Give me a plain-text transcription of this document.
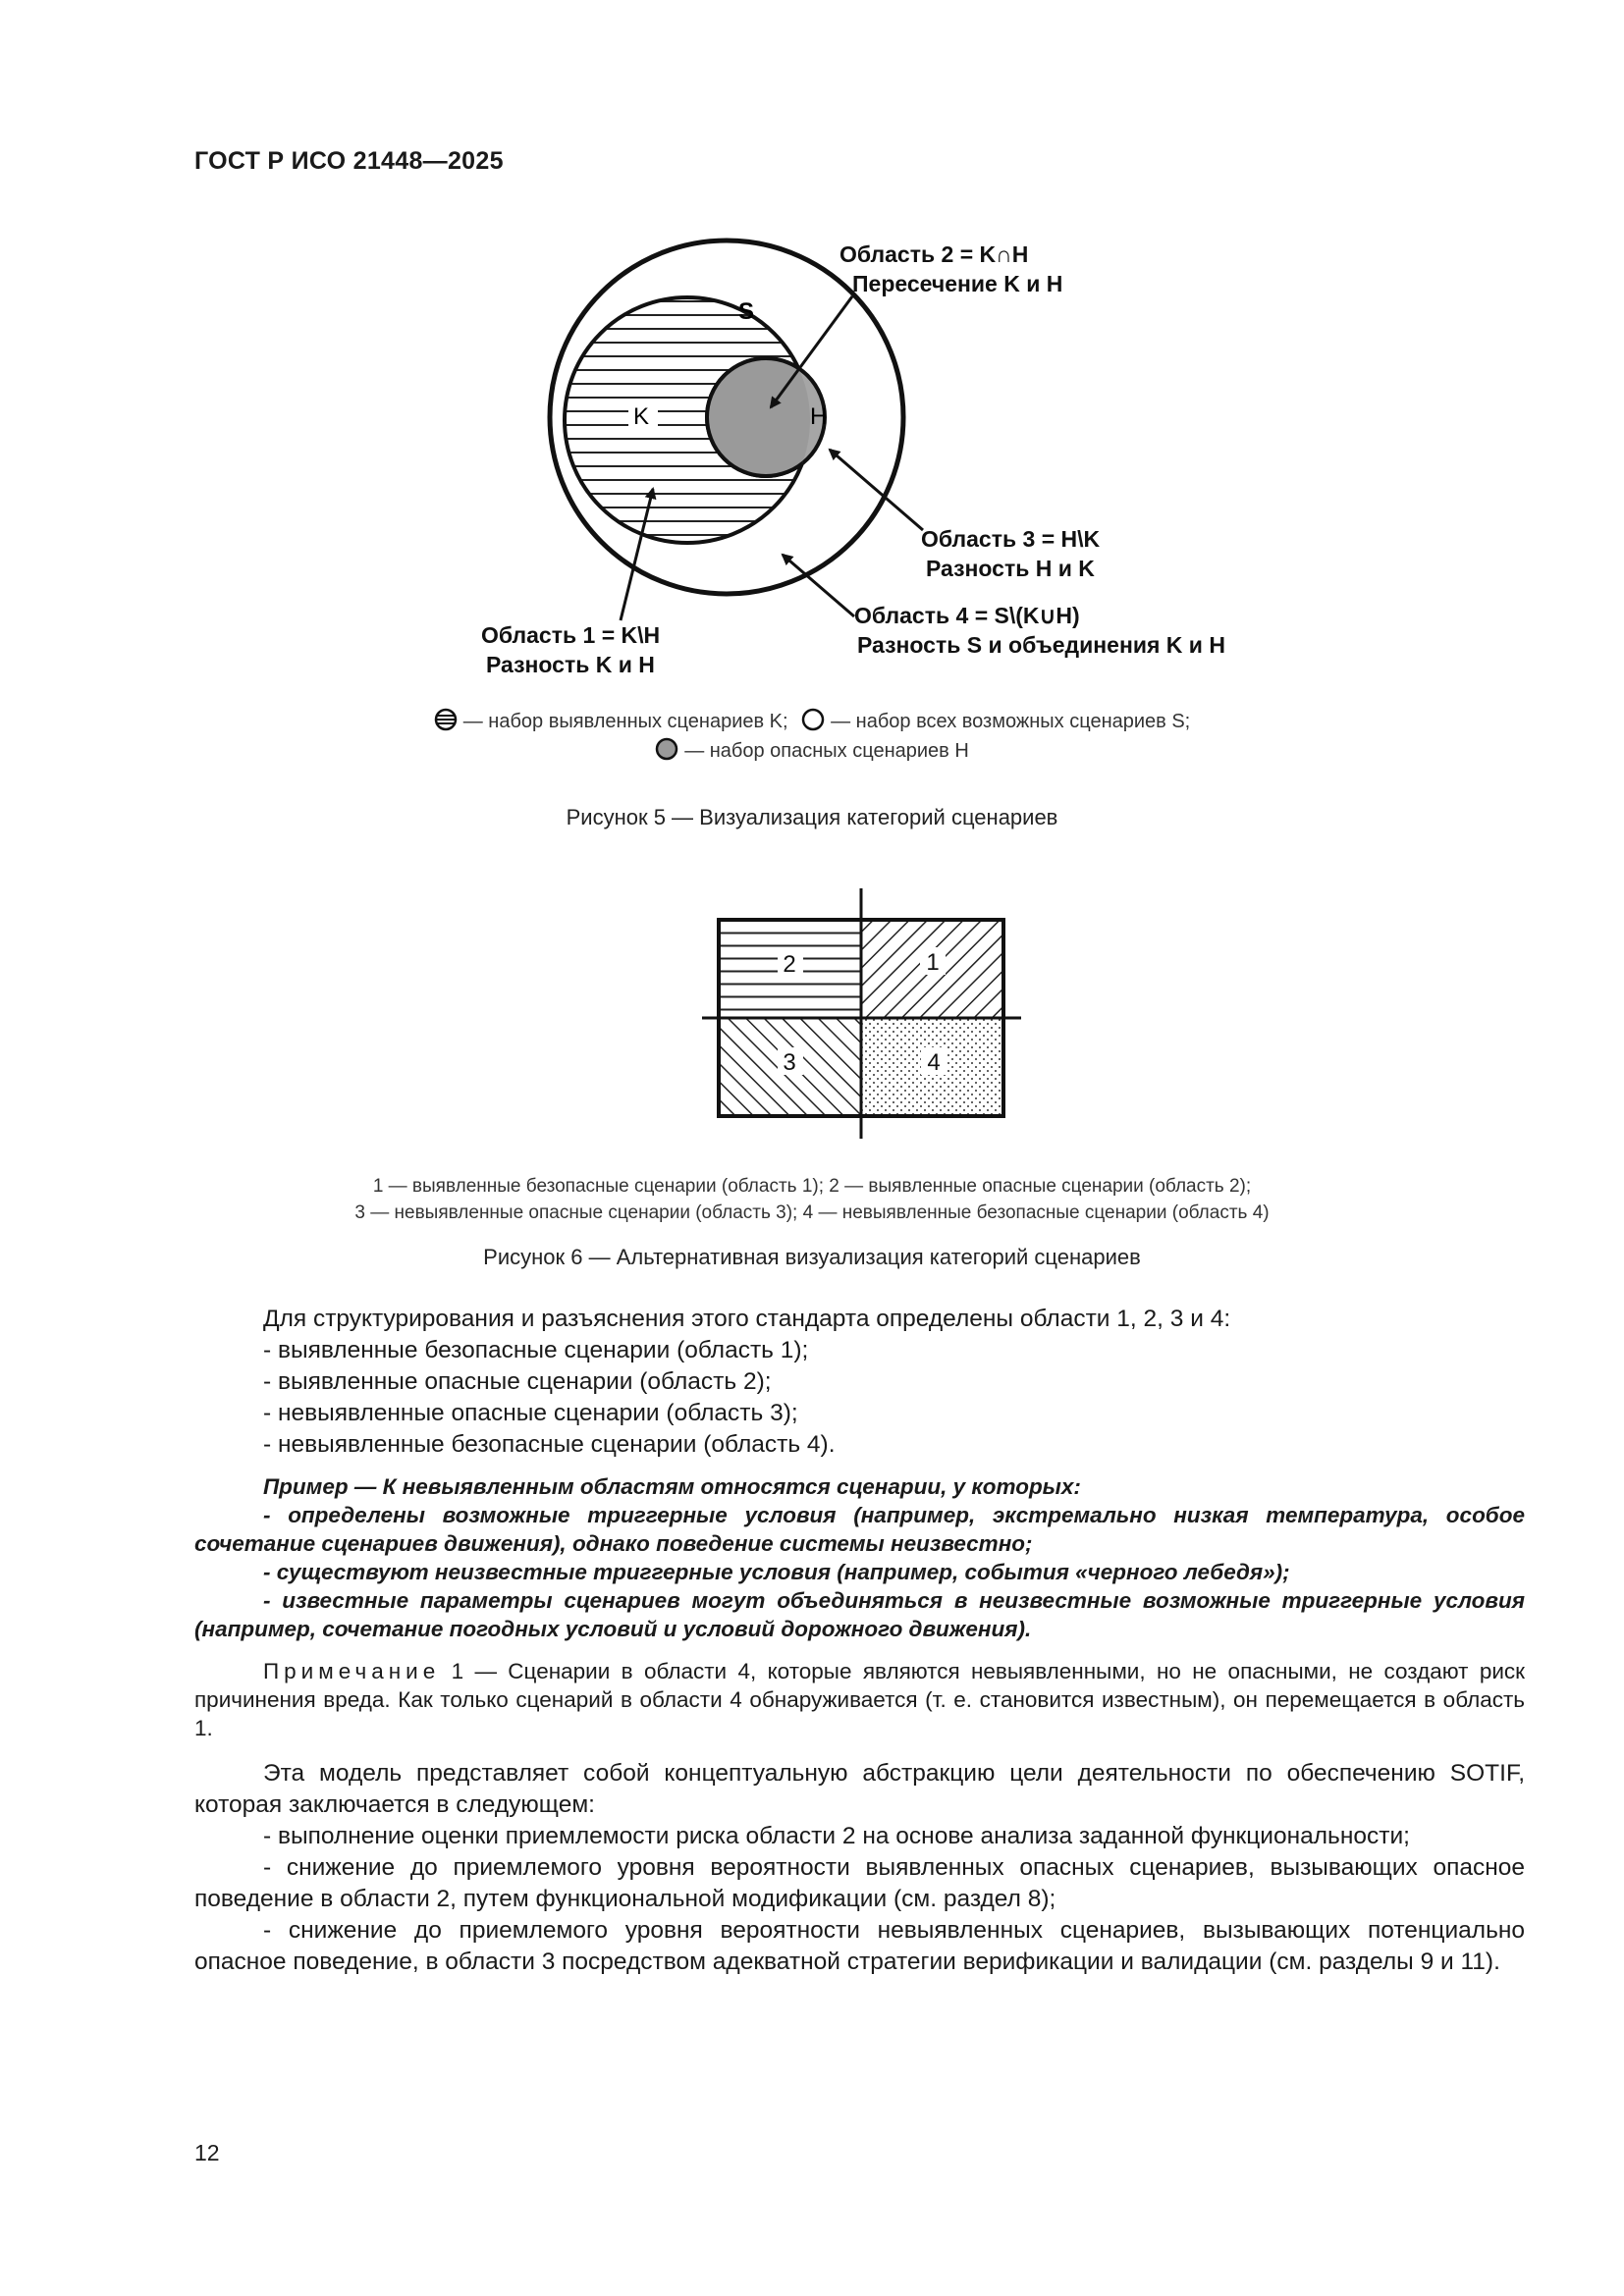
ГОСТ Р ИСО 21448—2025
S
K	H
Область 2 = K∩H
Пересечение K и H
Область 3 = H\K
Разность H и K
Область 4 = S\(K∪H)
Разность S и объединения K и H
Область 1 = K\H
Разность K и H
— набор выявленных сценариев K; — набор всех возможных сценариев S;
— набор опасных сценариев H
Рисунок 5 — Визуализация категорий сценариев
2	1
3	4
1 — выявленные безопасные сценарии (область 1); 2 — выявленные опасные сценарии (область 2);
3 — невыявленные опасные сценарии (область 3); 4 — невыявленные безопасные сценарии (область 4)
Рисунок 6 — Альтернативная визуализация категорий сценариев

Для структурирования и разъяснения этого стандарта определены области 1, 2, 3 и 4:

- выявленные безопасные сценарии (область 1);

- выявленные опасные сценарии (область 2);

- невыявленные опасные сценарии (область 3);

- невыявленные безопасные сценарии (область 4).

Пример — К невыявленным областям относятся сценарии, у которых:

- определены возможные триггерные условия (например, экстремально низкая температура, особое сочетание сценариев движения), однако поведение системы неизвестно;

- существуют неизвестные триггерные условия (например, события «черного лебедя»);

- известные параметры сценариев могут объединяться в неизвестные возможные триггерные условия (например, сочетание погодных условий и условий дорожного движения).

Примечание 1 — Сценарии в области 4, которые являются невыявленными, но не опасными, не создают риск причинения вреда. Как только сценарий в области 4 обнаруживается (т. е. становится известным), он перемещается в область 1.

Эта модель представляет собой концептуальную абстракцию цели деятельности по обеспечению SOTIF, которая заключается в следующем:

- выполнение оценки приемлемости риска области 2 на основе анализа заданной функциональности;

- снижение до приемлемого уровня вероятности выявленных опасных сценариев, вызывающих опасное поведение в области 2, путем функциональной модификации (см. раздел 8);

- снижение до приемлемого уровня вероятности невыявленных сценариев, вызывающих потенциально опасное поведение, в области 3 посредством адекватной стратегии верификации и валидации (см. разделы 9 и 11).

12
